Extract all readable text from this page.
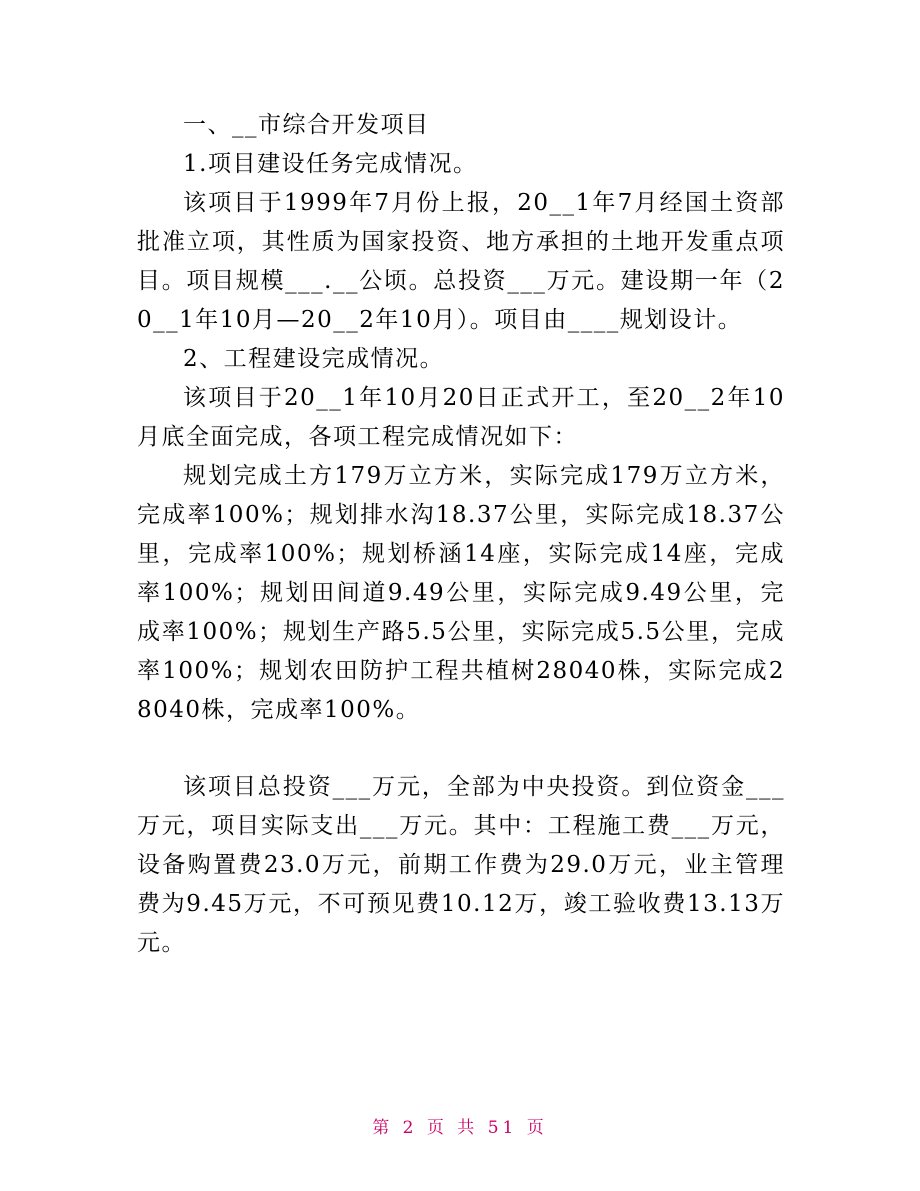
一、__市综合开发项目

1.项目建设任务完成情况。

该项目于1999年7月份上报，20__1年7月经国土资部批准立项，其性质为国家投资、地方承担的土地开发重点项目。项目规模___.__公顷。总投资___万元。建设期一年（20__1年10月—20__2年10月）。项目由____规划设计。

2、工程建设完成情况。

该项目于20__1年10月20日正式开工，至20__2年10月底全面完成，各项工程完成情况如下：

规划完成土方179万立方米，实际完成179万立方米，完成率100%；规划排水沟18.37公里，实际完成18.37公里，完成率100%；规划桥涵14座，实际完成14座，完成率100%；规划田间道9.49公里，实际完成9.49公里，完成率100%；规划生产路5.5公里，实际完成5.5公里，完成率100%；规划农田防护工程共植树28040株，实际完成28040株，完成率100%。

该项目总投资___万元，全部为中央投资。到位资金___万元，项目实际支出___万元。其中：工程施工费___万元，设备购置费23.0万元，前期工作费为29.0万元，业主管理费为9.45万元，不可预见费10.12万，竣工验收费13.13万元。

第 2 页 共 51 页
